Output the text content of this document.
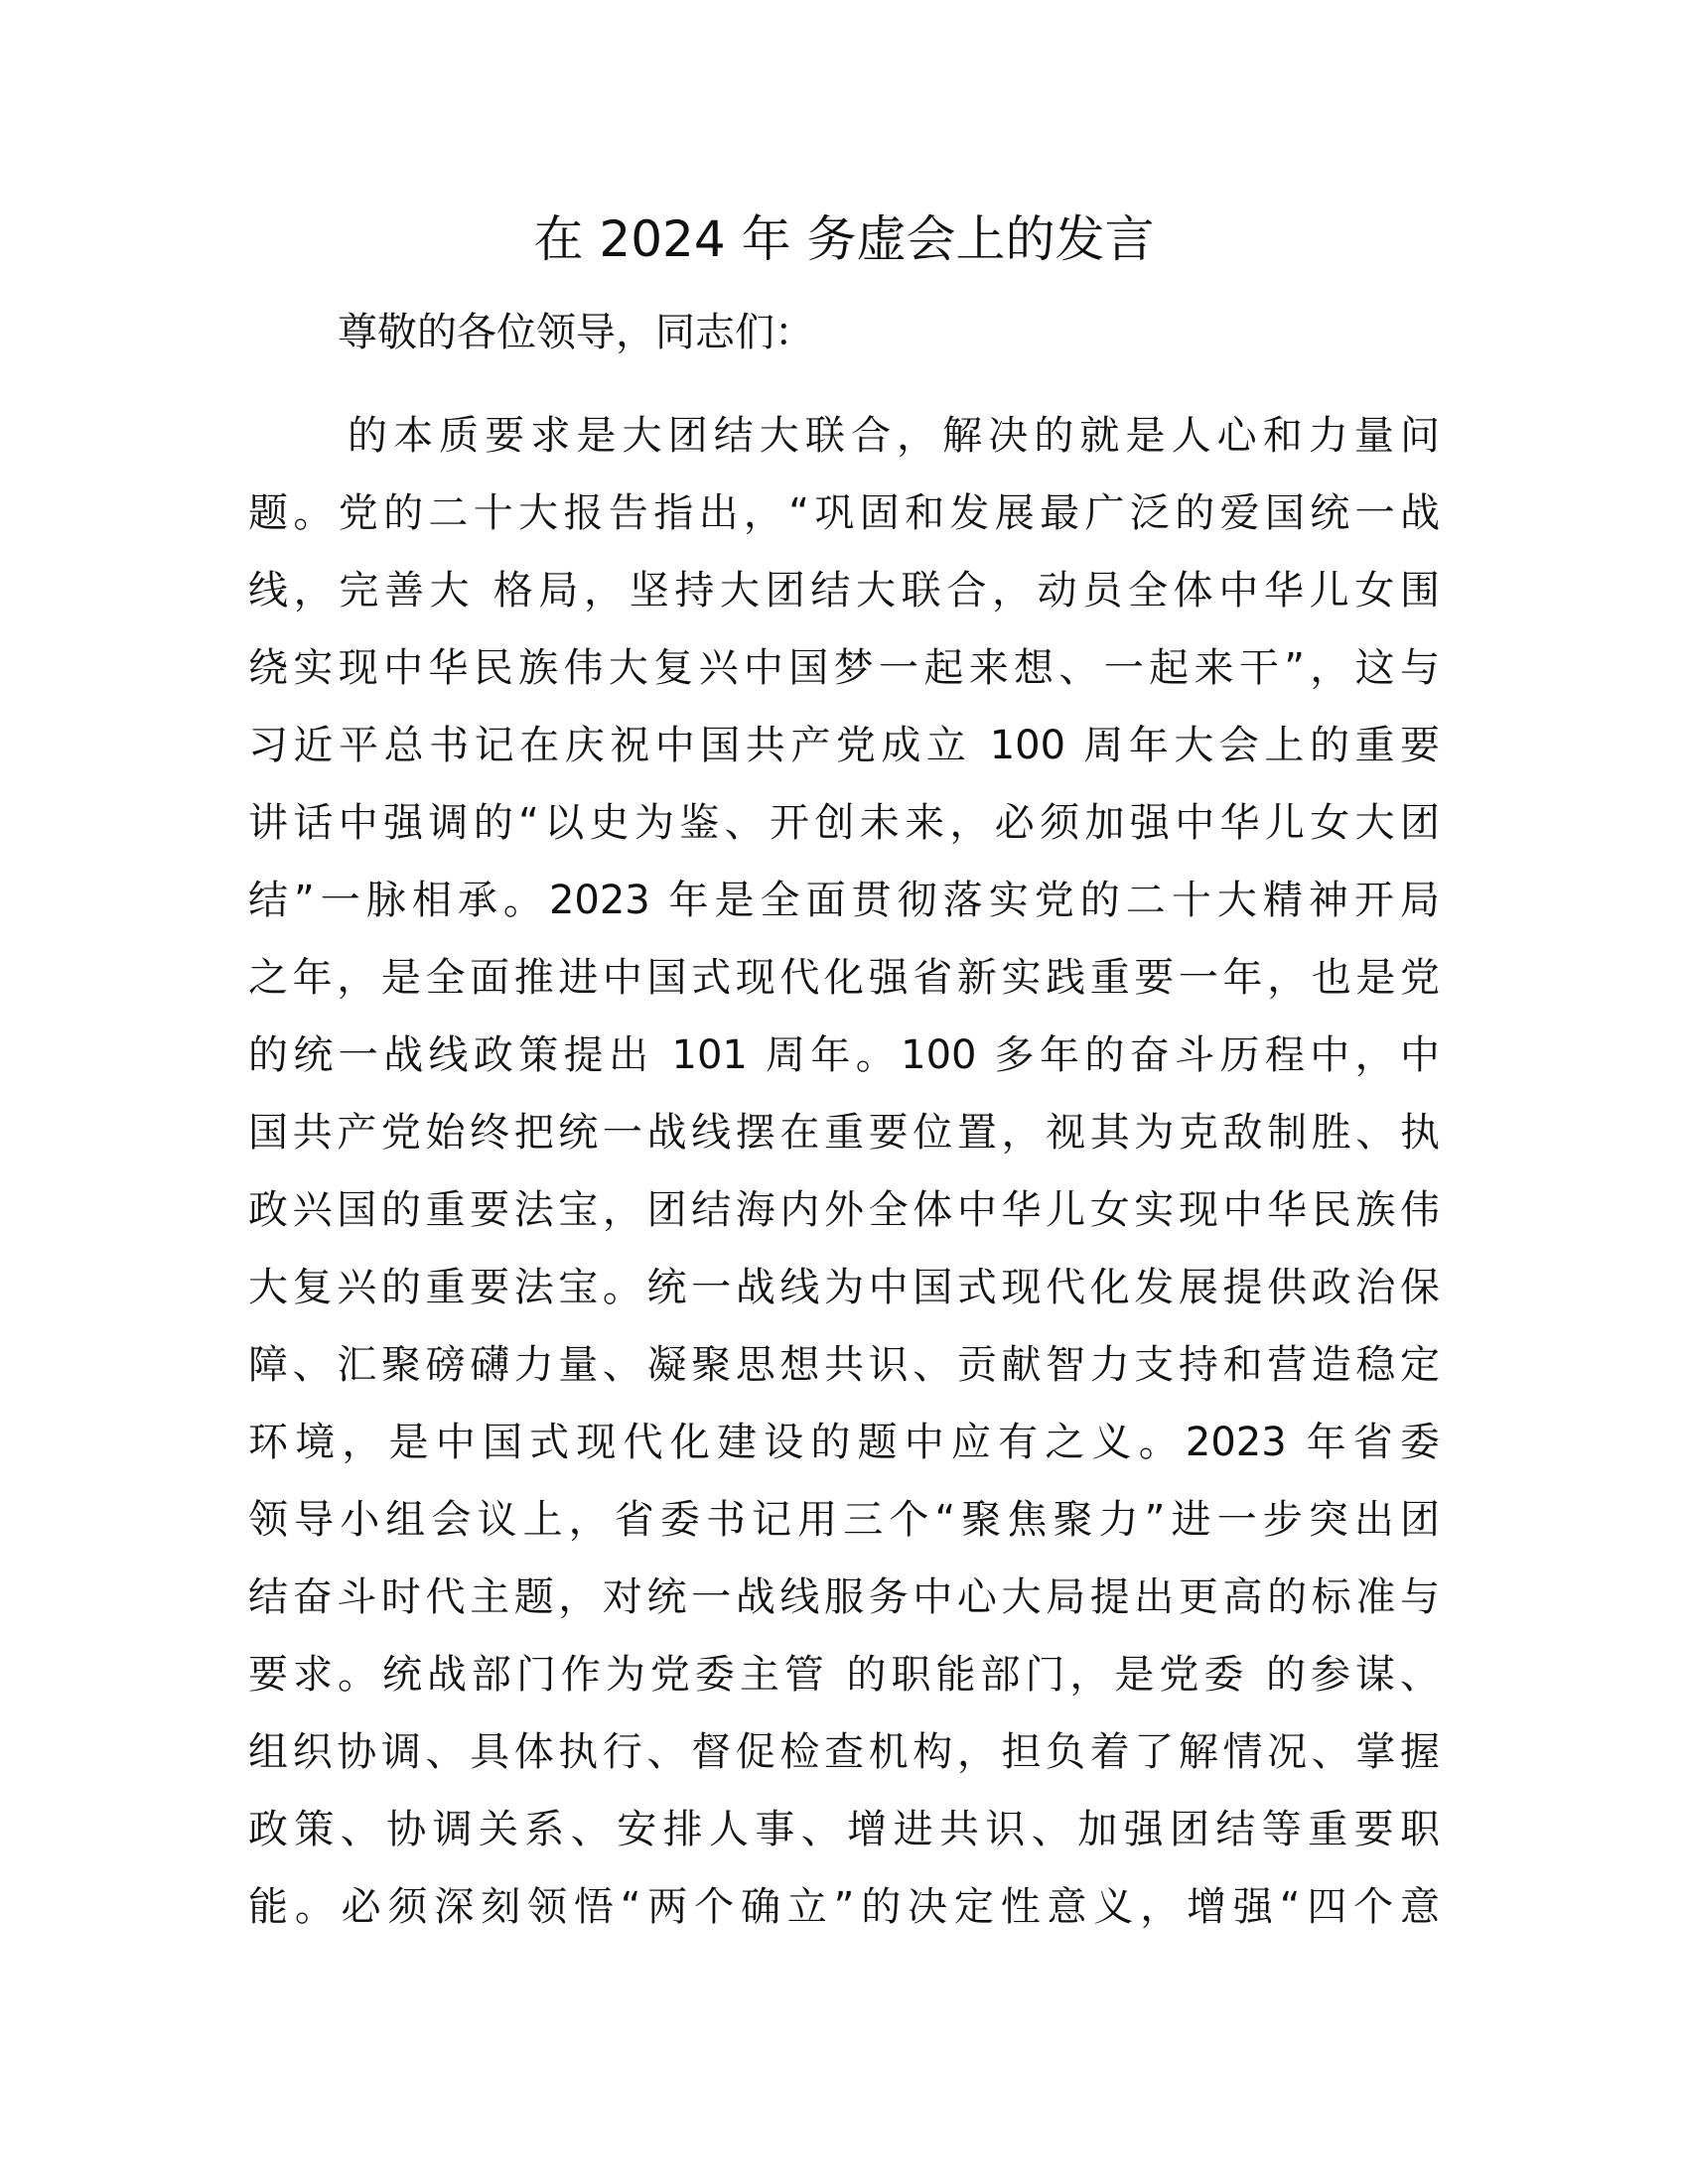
在 2024 年 务虚会上的发言

尊敬的各位领导，同志们：

的本质要求是大团结大联合，解决的就是人心和力量问
题。党的二十大报告指出，“巩固和发展最广泛的爱国统一战
线，完善大 格局，坚持大团结大联合，动员全体中华儿女围
绕实现中华民族伟大复兴中国梦一起来想、一起来干”，这与
习近平总书记在庆祝中国共产党成立 100 周年大会上的重要
讲话中强调的“以史为鉴、开创未来，必须加强中华儿女大团
结”一脉相承。2023 年是全面贯彻落实党的二十大精神开局
之年，是全面推进中国式现代化强省新实践重要一年，也是党
的统一战线政策提出 101 周年。100 多年的奋斗历程中，中
国共产党始终把统一战线摆在重要位置，视其为克敌制胜、执
政兴国的重要法宝，团结海内外全体中华儿女实现中华民族伟
大复兴的重要法宝。统一战线为中国式现代化发展提供政治保
障、汇聚磅礴力量、凝聚思想共识、贡献智力支持和营造稳定
环境，是中国式现代化建设的题中应有之义。2023 年省委
领导小组会议上，省委书记用三个“聚焦聚力”进一步突出团
结奋斗时代主题，对统一战线服务中心大局提出更高的标准与
要求。统战部门作为党委主管 的职能部门，是党委 的参谋、
组织协调、具体执行、督促检查机构，担负着了解情况、掌握
政策、协调关系、安排人事、增进共识、加强团结等重要职
能。必须深刻领悟“两个确立”的决定性意义，增强“四个意
